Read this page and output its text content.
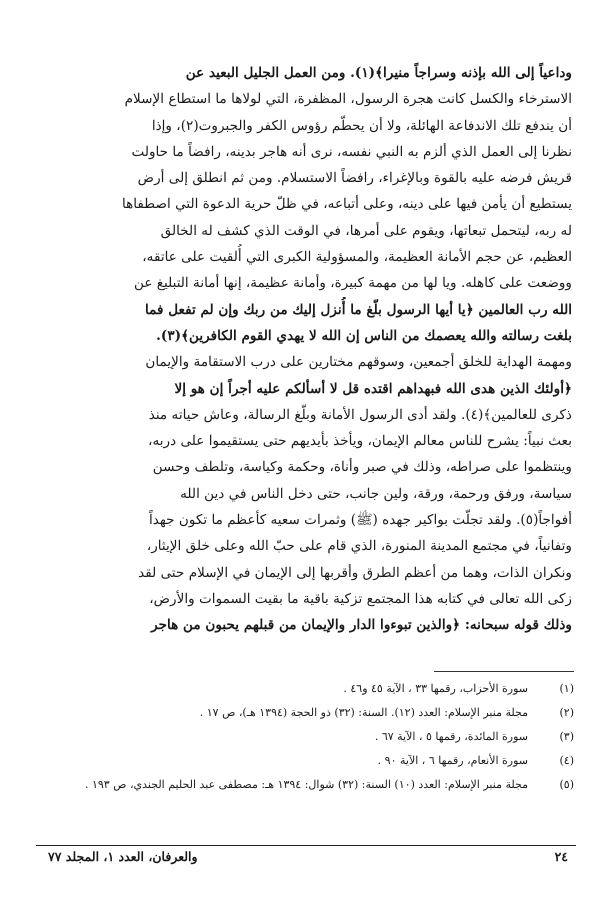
وداعياً إلى الله بإذنه وسراجاً منيرا﴾(١). ومن العمل الجليل البعيد عن
الاسترخاء والكسل كانت هجرة الرسول، المظفرة، التي لولاها ما استطاع الإسلام
أن يندفع تلك الاندفاعة الهائلة، ولا أن يحطّم رؤوس الكفر والجبروت(٢)، وإذا
نظرنا إلى العمل الذي ألزم به النبي نفسه، نرى أنه هاجر بدينه، رافضاً ما حاولت
قريش فرضه عليه بالقوة وبالإغراء، رافضاً الاستسلام. ومن ثم انطلق إلى أرض
يستطيع أن يأمن فيها على دينه، وعلى أتباعه، في ظلّ حرية الدعوة التي اصطفاها
له ربه، ليتحمل تبعاتها، ويقوم على أمرها، في الوقت الذي كشف له الخالق
العظيم، عن حجم الأمانة العظيمة، والمسؤولية الكبرى التي أُلقيت على عاتقه،
ووضعت على كاهله. ويا لها من مهمة كبيرة، وأمانة عظيمة، إنها أمانة التبليغ عن
الله رب العالمين ﴿يا أيها الرسول بلّغ ما أُنزل إليك من ربك وإن لم تفعل فما
بلغت رسالته والله يعصمك من الناس إن الله لا يهدي القوم الكافرين﴾(٣).
ومهمة الهداية للخلق أجمعين، وسوقهم مختارين على درب الاستقامة والإيمان
﴿أولئك الذين هدى الله فبهداهم اقتده قل لا أسألكم عليه أجراً إن هو إلا
ذكرى للعالمين﴾(٤). ولقد أدى الرسول الأمانة وبلّغ الرسالة، وعاش حياته منذ
بعث نبياً: يشرح للناس معالم الإيمان، ويأخذ بأيديهم حتى يستقيموا على دربه،
وينتظموا على صراطه، وذلك في صبر وأناة، وحكمة وكياسة، وتلطف وحسن
سياسة، ورفق ورحمة، ورقة، ولين جانب، حتى دخل الناس في دين الله
أفواجاً(٥). ولقد تجلّت بواكير جهده (ﷺ) وثمرات سعيه كأعظم ما تكون جهداً
وتفانياً، في مجتمع المدينة المنورة، الذي قام على حبّ الله وعلى خلق الإيثار،
ونكران الذات، وهما من أعظم الطرق وأقربها إلى الإيمان في الإسلام حتى لقد
زكى الله تعالى في كتابه هذا المجتمع تزكية باقية ما بقيت السموات والأرض،
وذلك قوله سبحانه: ﴿والذين تبوءوا الدار والإيمان من قبلهم يحبون من هاجر
(١)
سورة الأحزاب، رقمها ٣٣ ، الآية ٤٥ و٤٦ .
(٢)
مجلة منبر الإسلام: العدد (١٢). السنة: (٣٢) ذو الحجة (١٣٩٤ هـ)، ص ١٧ .
(٣)
سورة المائدة، رقمها ٥ ، الآية ٦٧ .
(٤)
سورة الأنعام، رقمها ٦ ، الآية ٩٠ .
(٥)
مجلة منبر الإسلام: العدد (١٠) السنة: (٣٢) شوال: ١٣٩٤ هـ: مصطفى عبد الحليم الجندي، ص ١٩٣ .
٢٤
والعرفان، العدد ١، المجلد ٧٧
